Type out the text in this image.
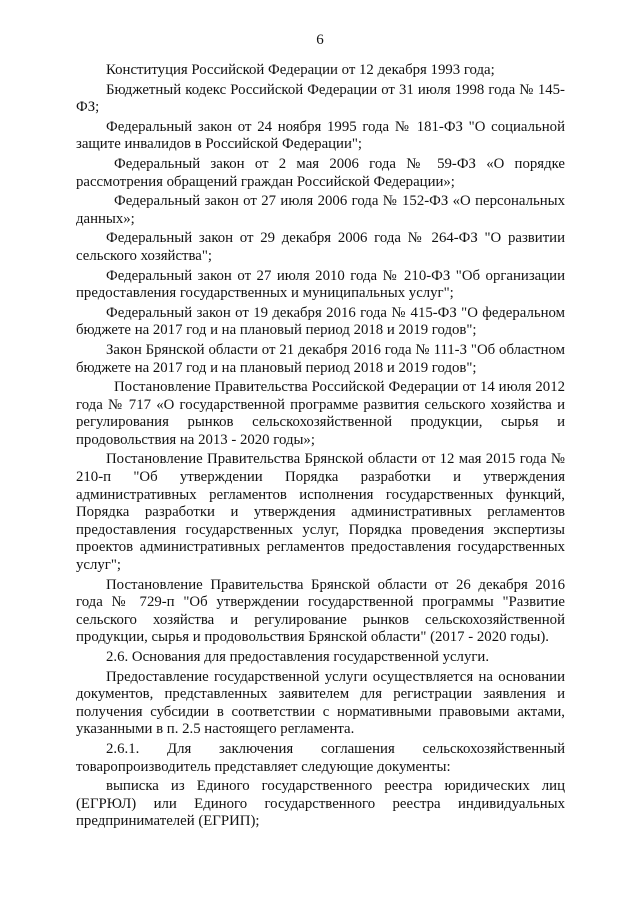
6

Конституция Российской Федерации от 12 декабря 1993 года;

Бюджетный кодекс Российской Федерации от 31 июля 1998 года № 145-ФЗ;

Федеральный закон от 24 ноября 1995 года № 181-ФЗ "О социальной защите инвалидов в Российской Федерации";

Федеральный закон от 2 мая 2006 года № 59-ФЗ «О порядке рассмотрения обращений граждан Российской Федерации»;

Федеральный закон от 27 июля 2006 года № 152-ФЗ «О персональных данных»;

Федеральный закон от 29 декабря 2006 года № 264-ФЗ "О развитии сельского хозяйства";

Федеральный закон от 27 июля 2010 года № 210-ФЗ "Об организации предоставления государственных и муниципальных услуг";

Федеральный закон от 19 декабря 2016 года № 415-ФЗ "О федеральном бюджете на 2017 год и на плановый период 2018 и 2019 годов";

Закон Брянской области от 21 декабря 2016 года № 111-З "Об областном бюджете на 2017 год и на плановый период 2018 и 2019 годов";

Постановление Правительства Российской Федерации от 14 июля 2012 года № 717 «О государственной программе развития сельского хозяйства и регулирования рынков сельскохозяйственной продукции, сырья и продовольствия на 2013 - 2020 годы»;

Постановление Правительства Брянской области от 12 мая 2015 года № 210-п "Об утверждении Порядка разработки и утверждения административных регламентов исполнения государственных функций, Порядка разработки и утверждения административных регламентов предоставления государственных услуг, Порядка проведения экспертизы проектов административных регламентов предоставления государственных услуг";

Постановление Правительства Брянской области от 26 декабря 2016 года № 729-п "Об утверждении государственной программы "Развитие сельского хозяйства и регулирование рынков сельскохозяйственной продукции, сырья и продовольствия Брянской области" (2017 - 2020 годы).

2.6. Основания для предоставления государственной услуги.

Предоставление государственной услуги осуществляется на основании документов, представленных заявителем для регистрации заявления и получения субсидии в соответствии с нормативными правовыми актами, указанными в п. 2.5 настоящего регламента.

2.6.1. Для заключения соглашения сельскохозяйственный товаропроизводитель представляет следующие документы:

выписка из Единого государственного реестра юридических лиц (ЕГРЮЛ) или Единого государственного реестра индивидуальных предпринимателей (ЕГРИП);
